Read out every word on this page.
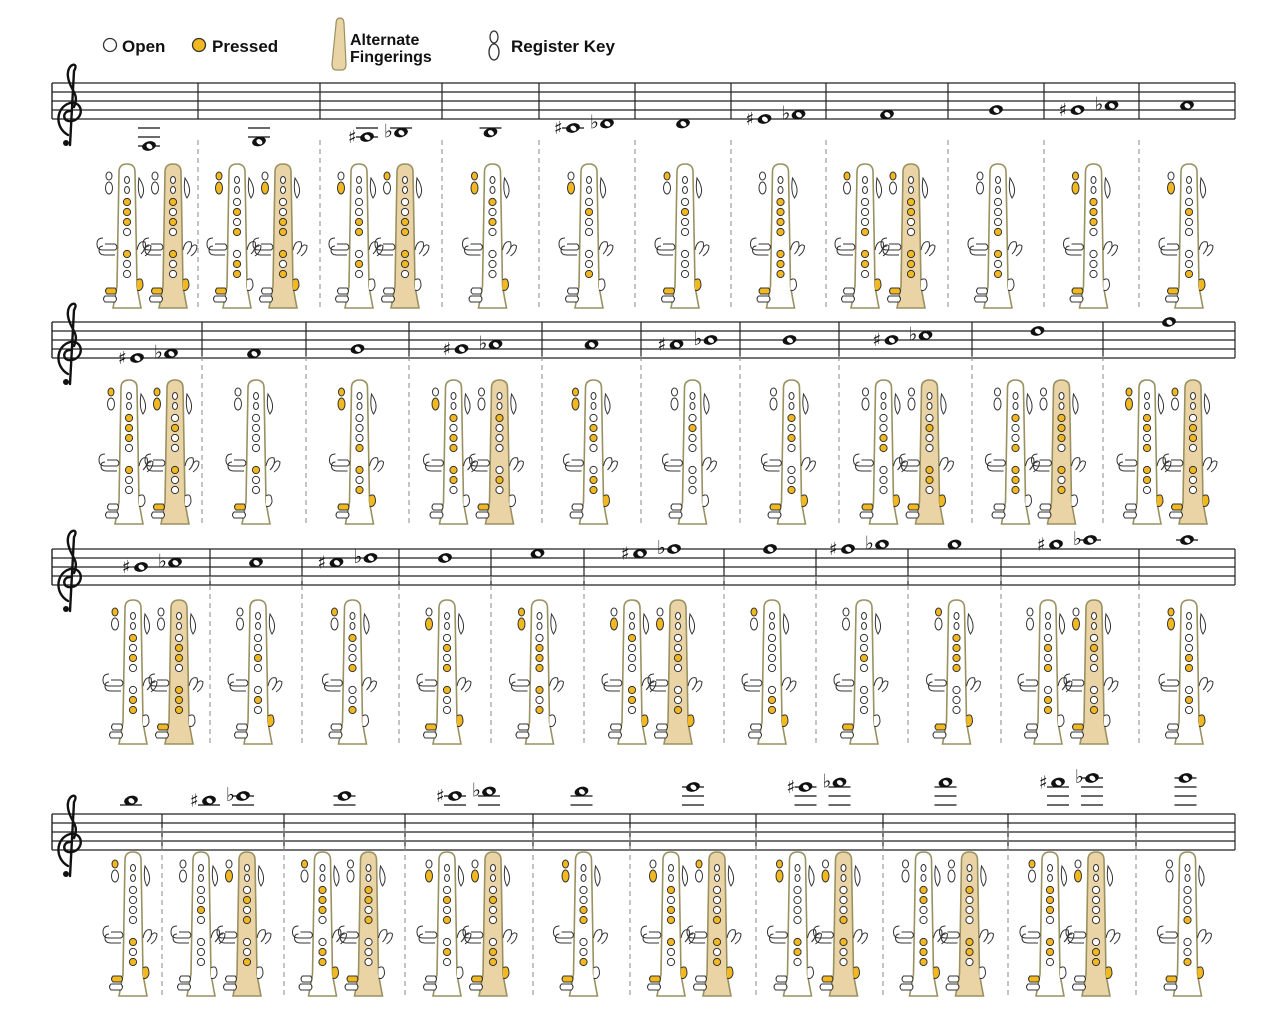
Open	Pressed	Alternate
Fingerings
Register Key
♯ ♭	♯ ♭	♯ ♭	♯ ♭
♯ ♭	♯ ♭	♯ ♭	♯ ♭
♯ ♭	♯ ♭	♯ ♭	♯ ♭	♯ ♭
♯ ♭	♯ ♭	♯ ♭	♯ ♭
